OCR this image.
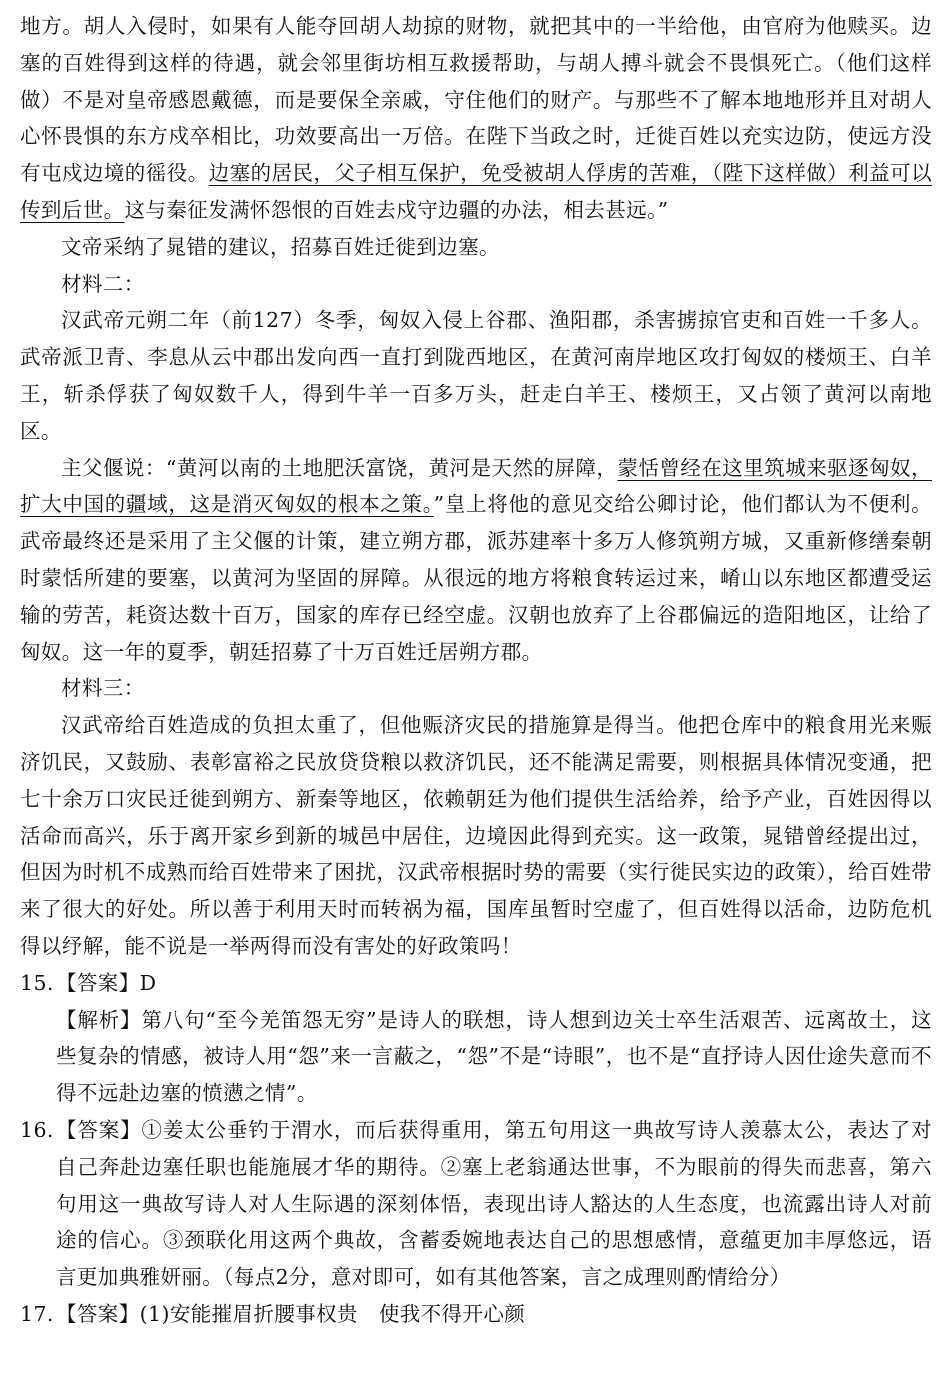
地方。胡人入侵时，如果有人能夺回胡人劫掠的财物，就把其中的一半给他，由官府为他赎买。边塞的百姓得到这样的待遇，就会邻里街坊相互救援帮助，与胡人搏斗就会不畏惧死亡。（他们这样做）不是对皇帝感恩戴德，而是要保全亲戚，守住他们的财产。与那些不了解本地地形并且对胡人心怀畏惧的东方戍卒相比，功效要高出一万倍。在陛下当政之时，迁徙百姓以充实边防，使远方没有屯戍边境的徭役。边塞的居民，父子相互保护，免受被胡人俘虏的苦难，（陛下这样做）利益可以传到后世。这与秦征发满怀怨恨的百姓去戍守边疆的办法，相去甚远。”

文帝采纳了晁错的建议，招募百姓迁徙到边塞。

材料二：

汉武帝元朔二年（前127）冬季，匈奴入侵上谷郡、渔阳郡，杀害掳掠官吏和百姓一千多人。武帝派卫青、李息从云中郡出发向西一直打到陇西地区，在黄河南岸地区攻打匈奴的楼烦王、白羊王，斩杀俘获了匈奴数千人，得到牛羊一百多万头，赶走白羊王、楼烦王，又占领了黄河以南地区。

主父偃说：“黄河以南的土地肥沃富饶，黄河是天然的屏障，蒙恬曾经在这里筑城来驱逐匈奴，扩大中国的疆域，这是消灭匈奴的根本之策。”皇上将他的意见交给公卿讨论，他们都认为不便利。武帝最终还是采用了主父偃的计策，建立朔方郡，派苏建率十多万人修筑朔方城，又重新修缮秦朝时蒙恬所建的要塞，以黄河为坚固的屏障。从很远的地方将粮食转运过来，崤山以东地区都遭受运输的劳苦，耗资达数十百万，国家的库存已经空虚。汉朝也放弃了上谷郡偏远的造阳地区，让给了匈奴。这一年的夏季，朝廷招募了十万百姓迁居朔方郡。

材料三：

汉武帝给百姓造成的负担太重了，但他赈济灾民的措施算是得当。他把仓库中的粮食用光来赈济饥民，又鼓励、表彰富裕之民放贷贷粮以救济饥民，还不能满足需要，则根据具体情况变通，把七十余万口灾民迁徙到朔方、新秦等地区，依赖朝廷为他们提供生活给养，给予产业，百姓因得以活命而高兴，乐于离开家乡到新的城邑中居住，边境因此得到充实。这一政策，晁错曾经提出过，但因为时机不成熟而给百姓带来了困扰，汉武帝根据时势的需要（实行徙民实边的政策），给百姓带来了很大的好处。所以善于利用天时而转祸为福，国库虽暂时空虚了，但百姓得以活命，边防危机得以纾解，能不说是一举两得而没有害处的好政策吗！

15. 【答案】D

【解析】第八句“至今羌笛怨无穷”是诗人的联想，诗人想到边关士卒生活艰苦、远离故土，这些复杂的情感，被诗人用“怨”来一言蔽之，“怨”不是“诗眼”，也不是“直抒诗人因仕途失意而不得不远赴边塞的愤懑之情”。

16. 【答案】①姜太公垂钓于渭水，而后获得重用，第五句用这一典故写诗人羡慕太公，表达了对自己奔赴边塞任职也能施展才华的期待。②塞上老翁通达世事，不为眼前的得失而悲喜，第六句用这一典故写诗人对人生际遇的深刻体悟，表现出诗人豁达的人生态度，也流露出诗人对前途的信心。③颈联化用这两个典故，含蓄委婉地表达自己的思想感情，意蕴更加丰厚悠远，语言更加典雅妍丽。（每点2分，意对即可，如有其他答案，言之成理则酌情给分）

17. 【答案】(1)安能摧眉折腰事权贵　使我不得开心颜
